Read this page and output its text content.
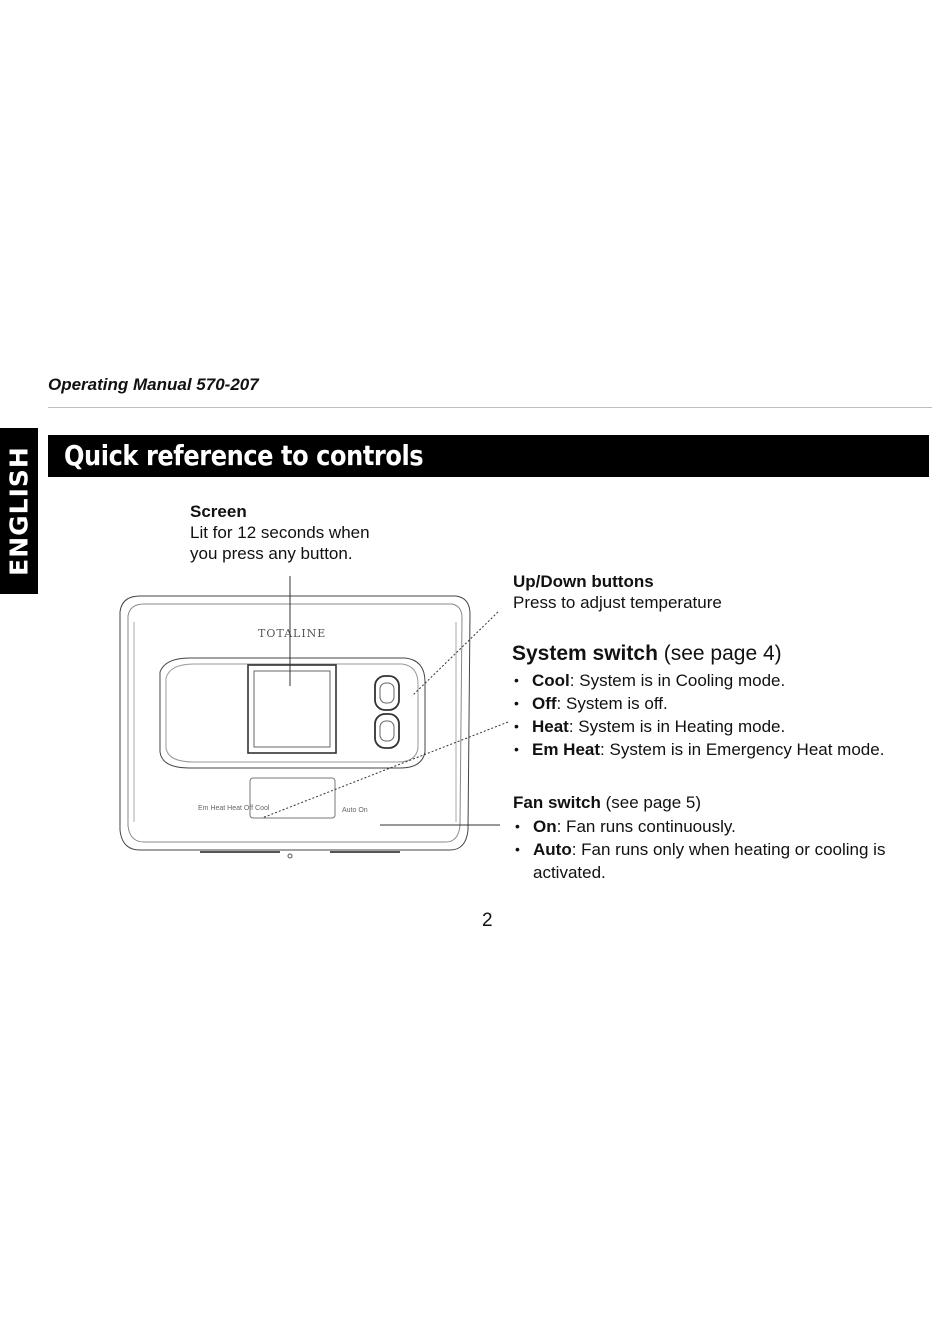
Operating Manual 570-207
ENGLISH Quick reference to controls
TOTALINE
Em Heat Heat Off Cool	Auto On
Screen
Lit for 12 seconds when
you press any button.
Up/Down buttons
Press to adjust temperature
System switch (see page 4)
• Cool: System is in Cooling mode.
• Off: System is off.
• Heat: System is in Heating mode.
• Em Heat: System is in Emergency Heat mode.
Fan switch (see page 5)
• On: Fan runs continuously.
• Auto: Fan runs only when heating or cooling is
activated.
2
